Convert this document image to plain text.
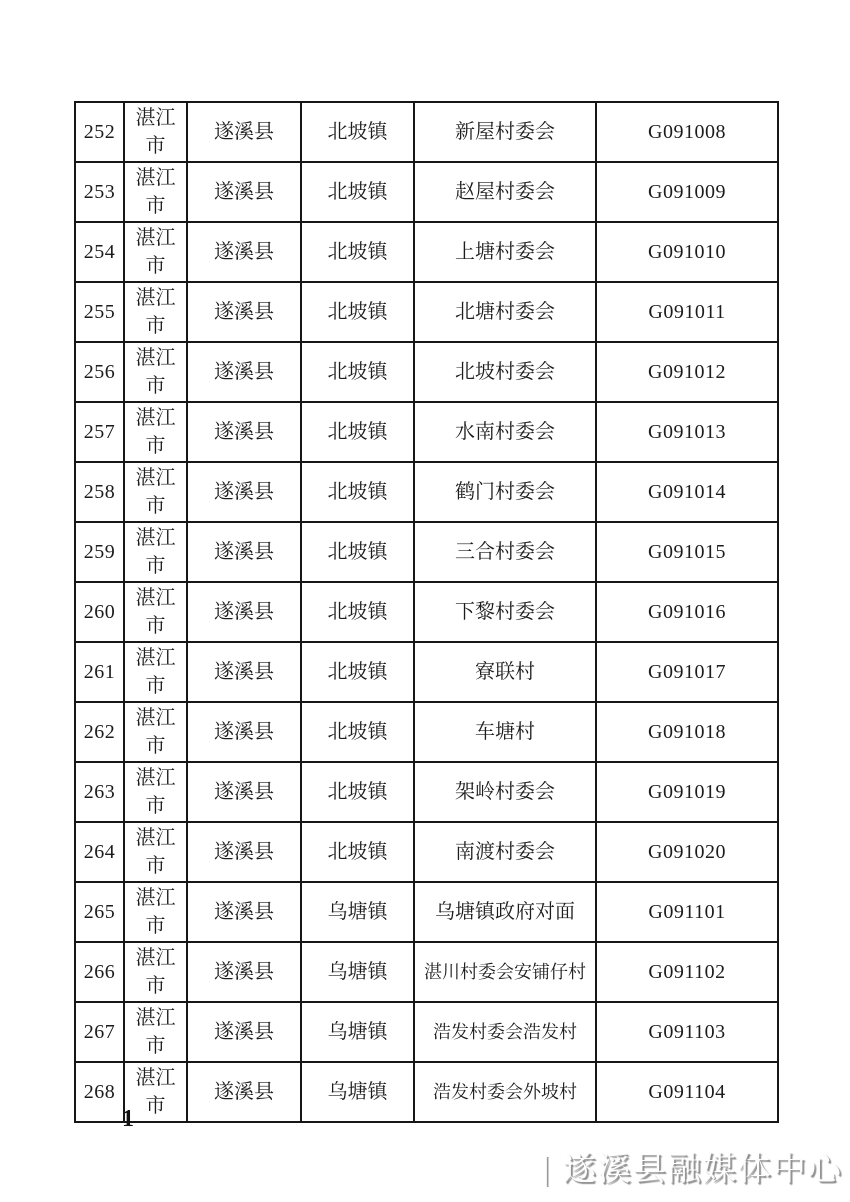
252	湛江市	遂溪县	北坡镇	新屋村委会	G091008
253	湛江市	遂溪县	北坡镇	赵屋村委会	G091009
254	湛江市	遂溪县	北坡镇	上塘村委会	G091010
255	湛江市	遂溪县	北坡镇	北塘村委会	G091011
256	湛江市	遂溪县	北坡镇	北坡村委会	G091012
257	湛江市	遂溪县	北坡镇	水南村委会	G091013
258	湛江市	遂溪县	北坡镇	鹤门村委会	G091014
259	湛江市	遂溪县	北坡镇	三合村委会	G091015
260	湛江市	遂溪县	北坡镇	下黎村委会	G091016
261	湛江市	遂溪县	北坡镇	寮联村	G091017
262	湛江市	遂溪县	北坡镇	车塘村	G091018
263	湛江市	遂溪县	北坡镇	架岭村委会	G091019
264	湛江市	遂溪县	北坡镇	南渡村委会	G091020
265	湛江市	遂溪县	乌塘镇	乌塘镇政府对面	G091101
266	湛江市	遂溪县	乌塘镇	湛川村委会安铺仔村	G091102
267	湛江市	遂溪县	乌塘镇	浩发村委会浩发村	G091103
268	湛江市	遂溪县	乌塘镇	浩发村委会外坡村	G091104
1
| 遂溪县融媒体中心
